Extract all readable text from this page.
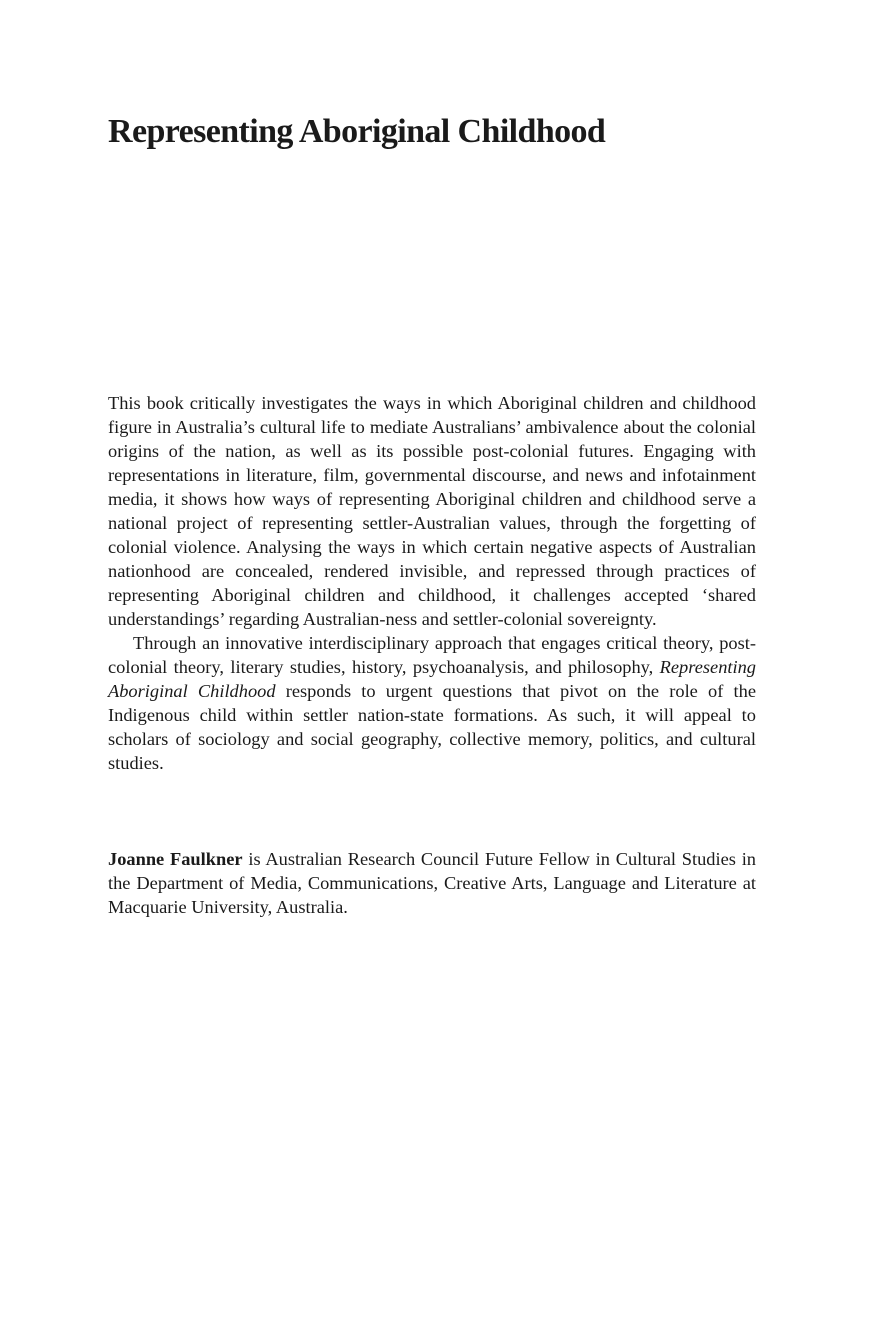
Representing Aboriginal Childhood

This book critically investigates the ways in which Aboriginal children and childhood figure in Australia’s cultural life to mediate Australians’ ambivalence about the colonial origins of the nation, as well as its possible post-colonial futures. Engaging with representations in literature, film, governmental discourse, and news and infotainment media, it shows how ways of representing Aboriginal children and childhood serve a national project of representing settler-Australian values, through the forgetting of colonial violence. Analysing the ways in which certain negative aspects of Australian nationhood are concealed, rendered invisible, and repressed through practices of representing Aboriginal children and childhood, it challenges accepted ‘shared understandings’ regarding Australian-ness and settler-colonial sovereignty.

Through an innovative interdisciplinary approach that engages critical theory, post-colonial theory, literary studies, history, psychoanalysis, and philosophy, Representing Aboriginal Childhood responds to urgent questions that pivot on the role of the Indigenous child within settler nation-state formations. As such, it will appeal to scholars of sociology and social geography, collective memory, politics, and cultural studies.

Joanne Faulkner is Australian Research Council Future Fellow in Cultural Studies in the Department of Media, Communications, Creative Arts, Language and Literature at Macquarie University, Australia.
